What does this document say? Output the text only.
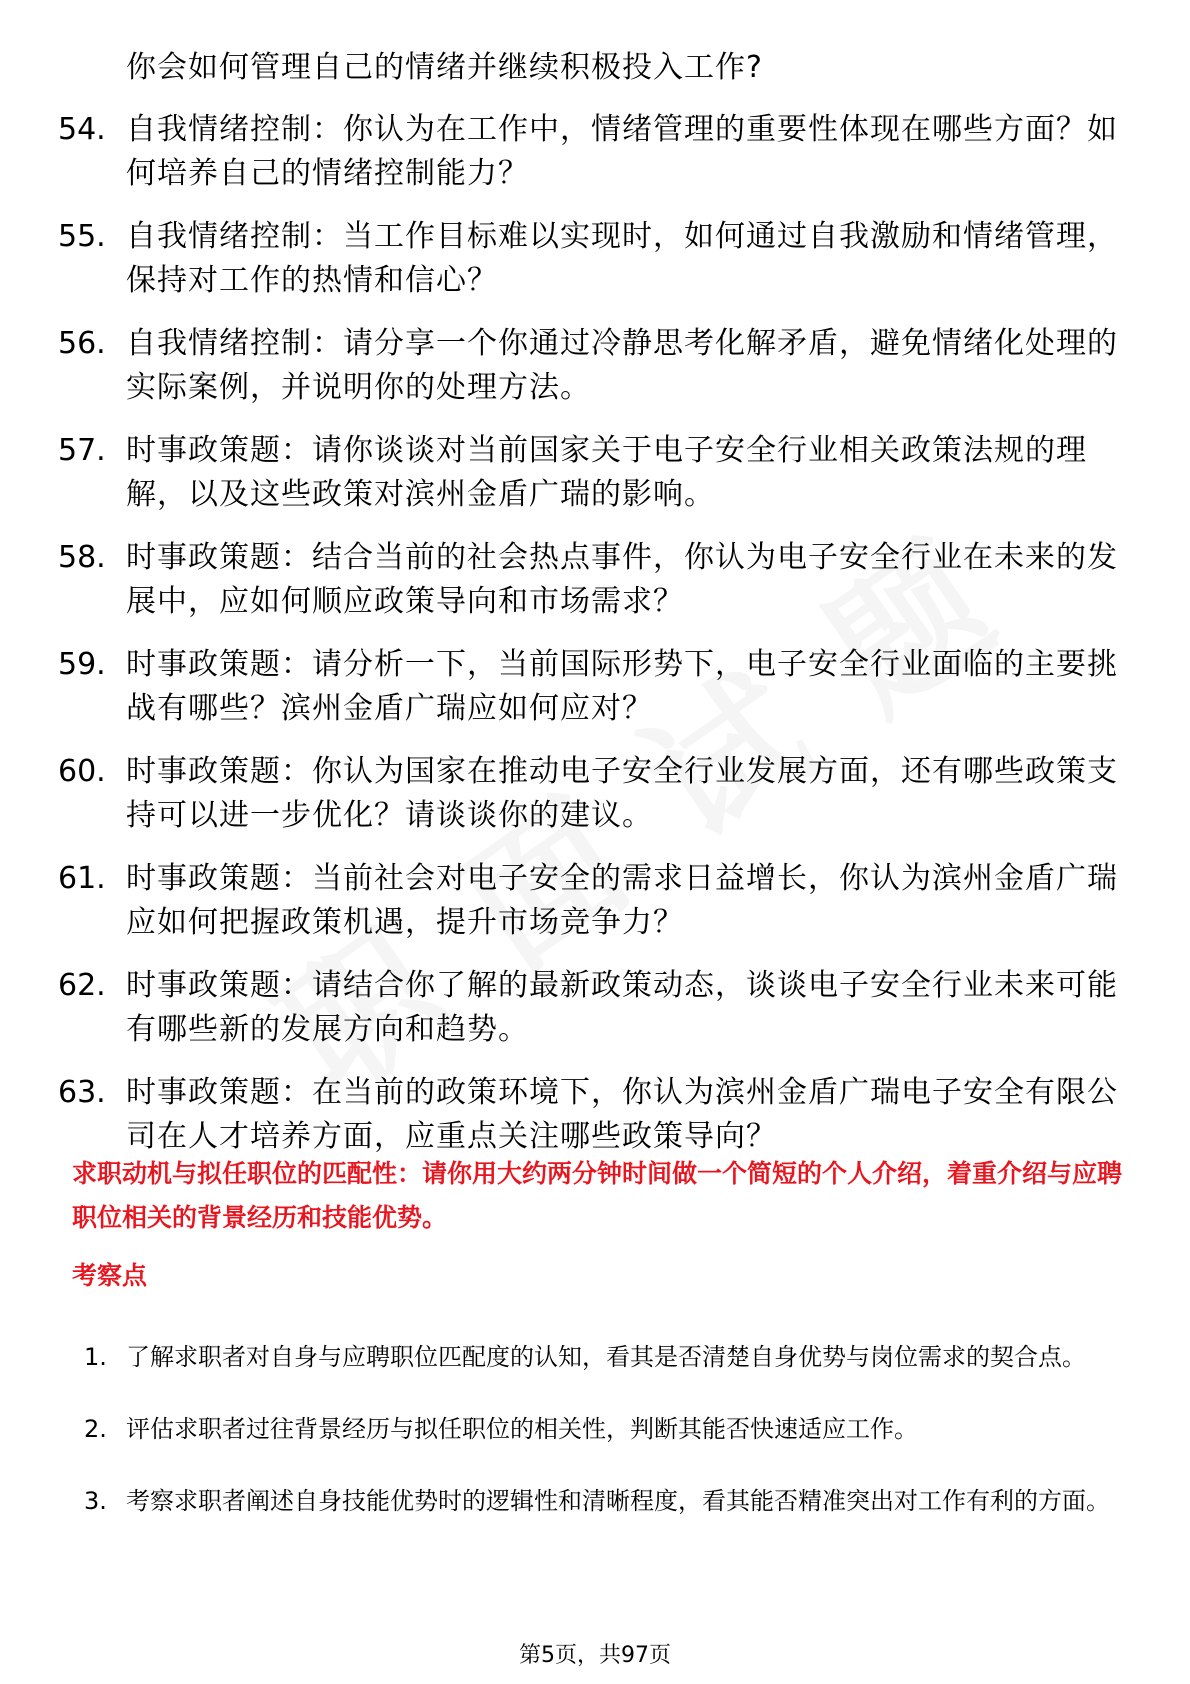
你会如何管理自己的情绪并继续积极投入工作?
54. 自我情绪控制：你认为在工作中，情绪管理的重要性体现在哪些方面？如何培养自己的情绪控制能力？
55. 自我情绪控制：当工作目标难以实现时，如何通过自我激励和情绪管理，保持对工作的热情和信心？
56. 自我情绪控制：请分享一个你通过冷静思考化解矛盾，避免情绪化处理的实际案例，并说明你的处理方法。
57. 时事政策题：请你谈谈对当前国家关于电子安全行业相关政策法规的理解，以及这些政策对滨州金盾广瑞的影响。
58. 时事政策题：结合当前的社会热点事件，你认为电子安全行业在未来的发展中，应如何顺应政策导向和市场需求？
59. 时事政策题：请分析一下，当前国际形势下，电子安全行业面临的主要挑战有哪些？滨州金盾广瑞应如何应对？
60. 时事政策题：你认为国家在推动电子安全行业发展方面，还有哪些政策支持可以进一步优化？请谈谈你的建议。
61. 时事政策题：当前社会对电子安全的需求日益增长，你认为滨州金盾广瑞应如何把握政策机遇，提升市场竞争力？
62. 时事政策题：请结合你了解的最新政策动态，谈谈电子安全行业未来可能有哪些新的发展方向和趋势。
63. 时事政策题：在当前的政策环境下，你认为滨州金盾广瑞电子安全有限公司在人才培养方面，应重点关注哪些政策导向？
求职动机与拟任职位的匹配性：请你用大约两分钟时间做一个简短的个人介绍，着重介绍与应聘职位相关的背景经历和技能优势。
考察点
1. 了解求职者对自身与应聘职位匹配度的认知，看其是否清楚自身优势与岗位需求的契合点。
2. 评估求职者过往背景经历与拟任职位的相关性，判断其能否快速适应工作。
3. 考察求职者阐述自身技能优势时的逻辑性和清晰程度，看其能否精准突出对工作有利的方面。
第5页，共97页
